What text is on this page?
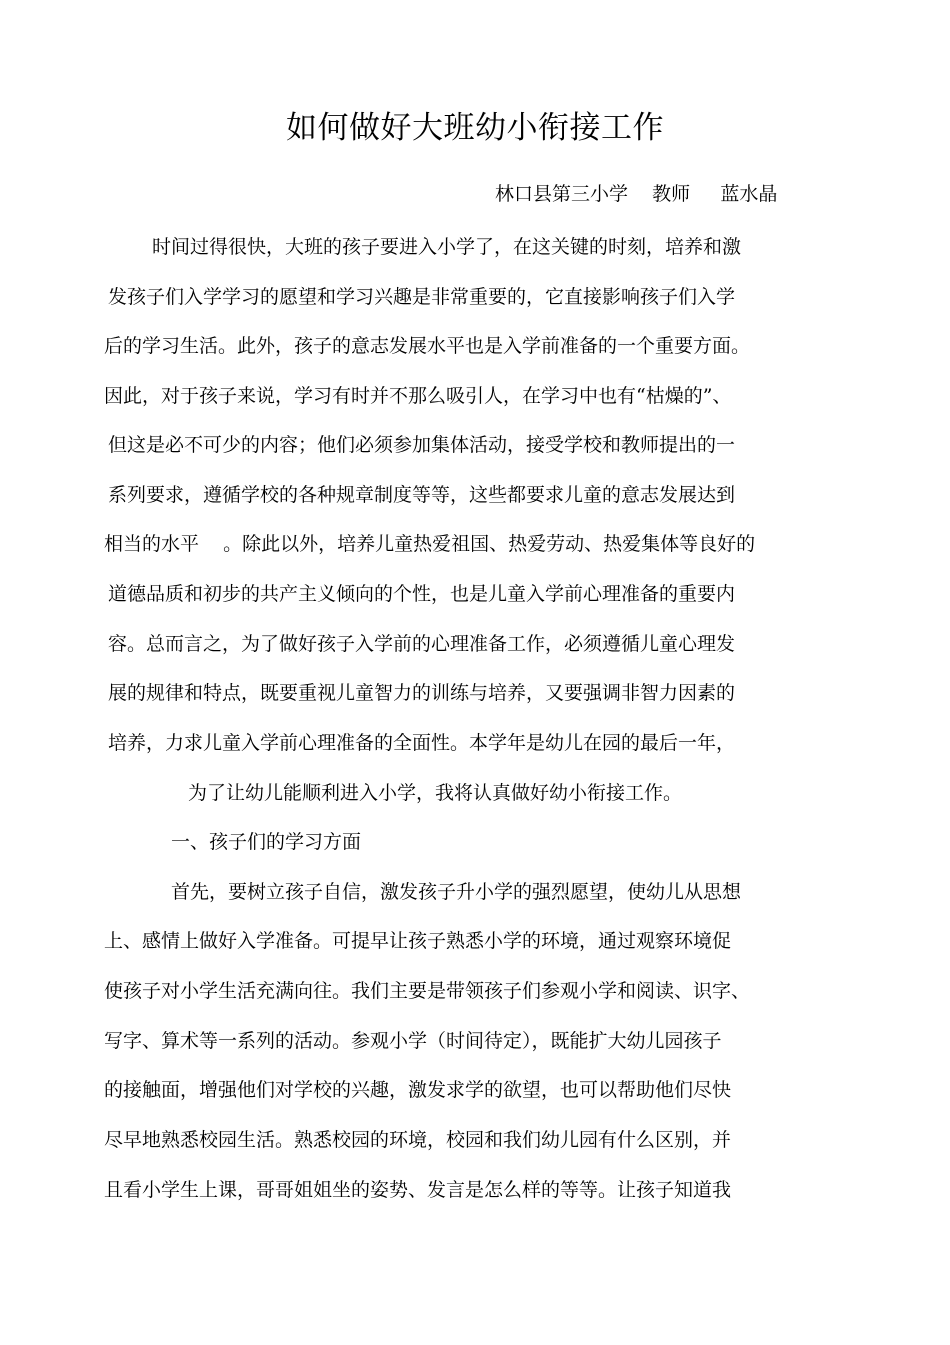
如何做好大班幼小衔接工作
林口县第三小学    教师     蓝水晶
时间过得很快，大班的孩子要进入小学了，在这关键的时刻，培养和激
发孩子们入学学习的愿望和学习兴趣是非常重要的，它直接影响孩子们入学
后的学习生活。此外，孩子的意志发展水平也是入学前准备的一个重要方面。
因此，对于孩子来说，学习有时并不那么吸引人，在学习中也有“枯燥的”、
但这是必不可少的内容；他们必须参加集体活动，接受学校和教师提出的一
系列要求，遵循学校的各种规章制度等等，这些都要求儿童的意志发展达到
相当的水平    。除此以外，培养儿童热爱祖国、热爱劳动、热爱集体等良好的
道德品质和初步的共产主义倾向的个性，也是儿童入学前心理准备的重要内
容。总而言之，为了做好孩子入学前的心理准备工作，必须遵循儿童心理发
展的规律和特点，既要重视儿童智力的训练与培养，又要强调非智力因素的
培养，力求儿童入学前心理准备的全面性。本学年是幼儿在园的最后一年，
为了让幼儿能顺利进入小学，我将认真做好幼小衔接工作。
一、孩子们的学习方面
首先，要树立孩子自信，激发孩子升小学的强烈愿望，使幼儿从思想
上、感情上做好入学准备。可提早让孩子熟悉小学的环境，通过观察环境促
使孩子对小学生活充满向往。我们主要是带领孩子们参观小学和阅读、识字、
写字、算术等一系列的活动。参观小学（时间待定），既能扩大幼儿园孩子
的接触面，增强他们对学校的兴趣，激发求学的欲望，也可以帮助他们尽快
尽早地熟悉校园生活。熟悉校园的环境，校园和我们幼儿园有什么区别，并
且看小学生上课，哥哥姐姐坐的姿势、发言是怎么样的等等。让孩子知道我
